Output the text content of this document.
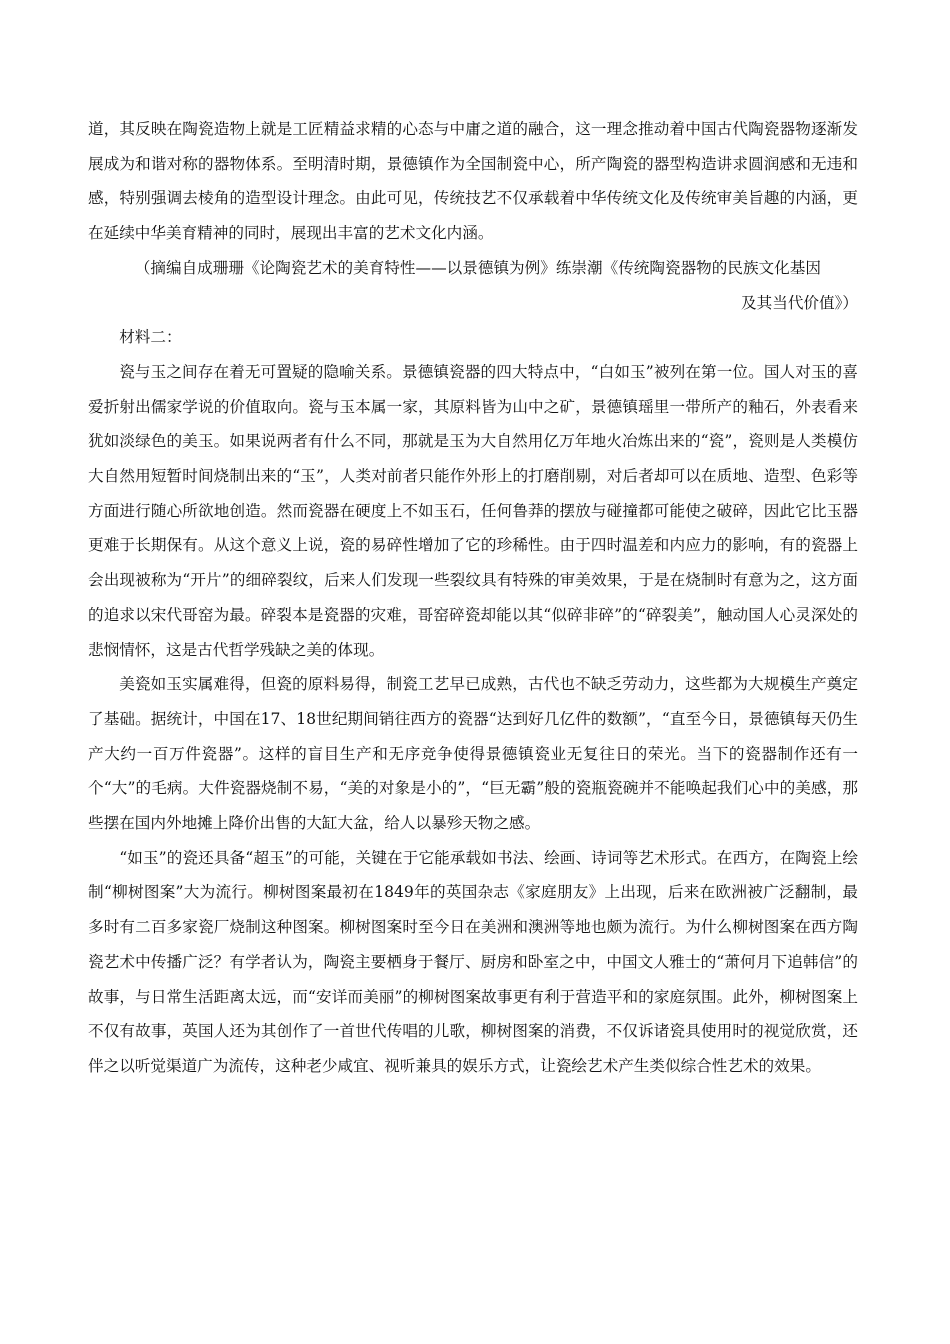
道，其反映在陶瓷造物上就是工匠精益求精的心态与中庸之道的融合，这一理念推动着中国古代陶瓷器物逐渐发展成为和谐对称的器物体系。至明清时期，景德镇作为全国制瓷中心，所产陶瓷的器型构造讲求圆润感和无违和感，特别强调去棱角的造型设计理念。由此可见，传统技艺不仅承载着中华传统文化及传统审美旨趣的内涵，更在延续中华美育精神的同时，展现出丰富的艺术文化内涵。

（摘编自成珊珊《论陶瓷艺术的美育特性——以景德镇为例》练崇潮《传统陶瓷器物的民族文化基因

及其当代价值》）

材料二：

瓷与玉之间存在着无可置疑的隐喻关系。景德镇瓷器的四大特点中，“白如玉”被列在第一位。国人对玉的喜爱折射出儒家学说的价值取向。瓷与玉本属一家，其原料皆为山中之矿，景德镇瑶里一带所产的釉石，外表看来犹如淡绿色的美玉。如果说两者有什么不同，那就是玉为大自然用亿万年地火冶炼出来的“瓷”，瓷则是人类模仿大自然用短暂时间烧制出来的“玉”，人类对前者只能作外形上的打磨削剔，对后者却可以在质地、造型、色彩等方面进行随心所欲地创造。然而瓷器在硬度上不如玉石，任何鲁莽的摆放与碰撞都可能使之破碎，因此它比玉器更难于长期保有。从这个意义上说，瓷的易碎性增加了它的珍稀性。由于四时温差和内应力的影响，有的瓷器上会出现被称为“开片”的细碎裂纹，后来人们发现一些裂纹具有特殊的审美效果，于是在烧制时有意为之，这方面的追求以宋代哥窑为最。碎裂本是瓷器的灾难，哥窑碎瓷却能以其“似碎非碎”的“碎裂美”，触动国人心灵深处的悲悯情怀，这是古代哲学残缺之美的体现。

美瓷如玉实属难得，但瓷的原料易得，制瓷工艺早已成熟，古代也不缺乏劳动力，这些都为大规模生产奠定了基础。据统计，中国在17、18世纪期间销往西方的瓷器“达到好几亿件的数额”，“直至今日，景德镇每天仍生产大约一百万件瓷器”。这样的盲目生产和无序竞争使得景德镇瓷业无复往日的荣光。当下的瓷器制作还有一个“大”的毛病。大件瓷器烧制不易，“美的对象是小的”，“巨无霸”般的瓷瓶瓷碗并不能唤起我们心中的美感，那些摆在国内外地摊上降价出售的大缸大盆，给人以暴殄天物之感。

“如玉”的瓷还具备“超玉”的可能，关键在于它能承载如书法、绘画、诗词等艺术形式。在西方，在陶瓷上绘制“柳树图案”大为流行。柳树图案最初在1849年的英国杂志《家庭朋友》上出现，后来在欧洲被广泛翻制，最多时有二百多家瓷厂烧制这种图案。柳树图案时至今日在美洲和澳洲等地也颇为流行。为什么柳树图案在西方陶瓷艺术中传播广泛？有学者认为，陶瓷主要栖身于餐厅、厨房和卧室之中，中国文人雅士的“萧何月下追韩信”的故事，与日常生活距离太远，而“安详而美丽”的柳树图案故事更有利于营造平和的家庭氛围。此外，柳树图案上不仅有故事，英国人还为其创作了一首世代传唱的儿歌，柳树图案的消费，不仅诉诸瓷具使用时的视觉欣赏，还伴之以听觉渠道广为流传，这种老少咸宜、视听兼具的娱乐方式，让瓷绘艺术产生类似综合性艺术的效果。
